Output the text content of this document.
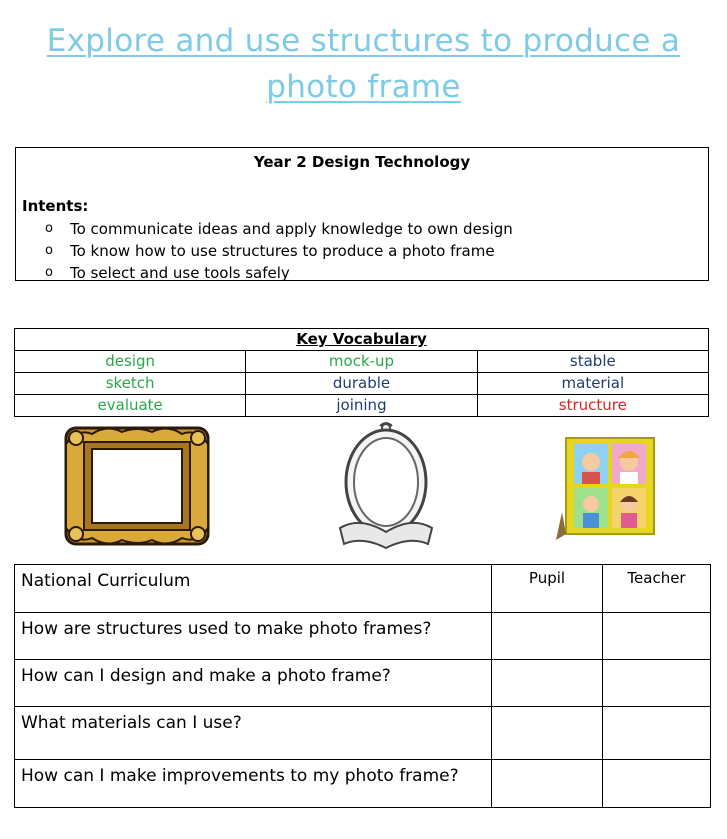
Explore and use structures to produce a
photo frame
Year 2 Design Technology
Intents:
o To communicate ideas and apply knowledge to own design
o To know how to use structures to produce a photo frame
o To select and use tools safely
Key Vocabulary		
design	mock-up	stable
sketch	durable	material
evaluate	joining	structure
National Curriculum	Pupil	Teacher
How are structures used to make photo frames?		
How can I design and make a photo frame?		
What materials can I use?		
How can I make improvements to my photo frame?		
